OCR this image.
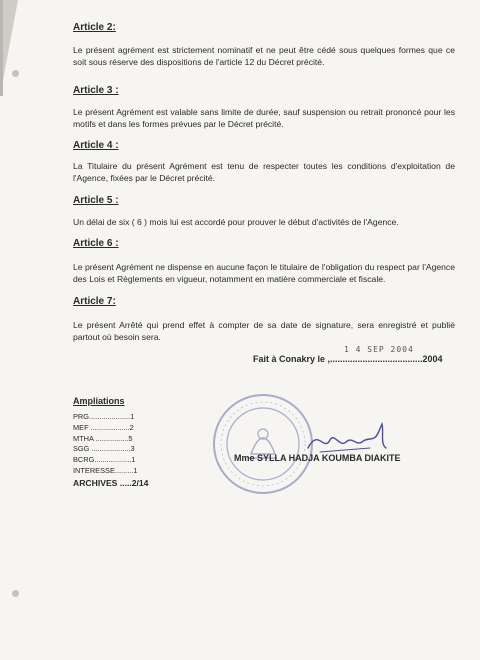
Article 2:
Le présent agrément est strictement nominatif et ne peut être cédé sous quelques formes que ce soit sous réserve des dispositions de l'article 12 du Décret précité.
Article 3 :
Le présent Agrément est valable sans limite de durée, sauf suspension ou retrait prononcé pour les motifs et dans les formes prévues par le Décret précité.
Article 4 :
La Titulaire du présent Agrément est tenu de respecter toutes les conditions d'exploitation de l'Agence, fixées par le Décret précité.
Article 5 :
Un délai de six ( 6 ) mois lui est accordé pour prouver le début d'activités de l'Agence.
Article 6 :
Le présent Agrément ne dispense en aucune façon le titulaire de l'obligation du respect par l'Agence des Lois et Règlements en vigueur, notamment en matière commerciale et fiscale.
Article 7:
Le présent Arrêté qui prend effet à compter de sa date de signature, sera enregistré et publié partout où besoin sera.
1 4 SEP 2004
Fait à Conakry le ,.....................................2004
Ampliations
PRG....................1
MEF ...................2
MTHA ................5
SGG ...................3
BCRG..................1
INTERESSE.........1
ARCHIVES .....2/14
Mme SYLLA HADJA KOUMBA DIAKITE
